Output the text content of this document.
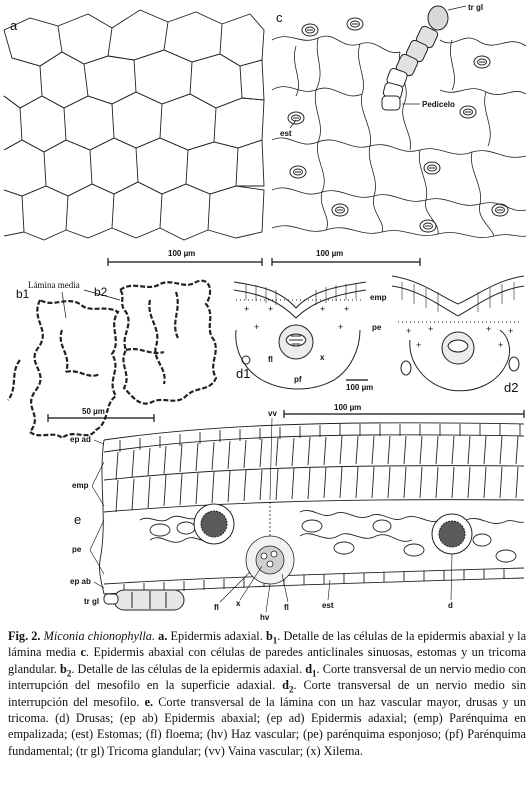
a
c
tr gl
Pedicelo
est
100 µm	100 µm
Lámina media
b1	b2
50 µm
+ +	+ +
+	+
fl	x
pf
d1
emp
pe
100 µm
+ +	+ +
+	+
d2
100 µm
vv
ep ad
emp
e
pe
ep ab
tr gl
fl x
hv
fl	est	d
Fig. 2. Miconia chionophylla. a. Epidermis adaxial. $b_1$. Detalle de las células de la epidermis abaxial y la lámina media c. Epidermis abaxial con células de paredes anticlinales sinuosas, estomas y un tricoma glandular. $b_2$. Detalle de las células de la epidermis adaxial. $d_1$. Corte transversal de un nervio medio con interrupción del mesofilo en la superficie adaxial. $d_2$. Corte transversal de un nervio medio sin interrupción del mesofilo. e. Corte transversal de la lámina con un haz vascular mayor, drusas y un tricoma. (d) Drusas; (ep ab) Epidermis abaxial; (ep ad) Epidermis adaxial; (emp) Parénquima en empalizada; (est) Estomas; (fl) floema; (hv) Haz vascular; (pe) parénquima esponjoso; (pf) Parénquima fundamental; (tr gl) Tricoma glandular; (vv) Vaina vascular; (x) Xilema.
